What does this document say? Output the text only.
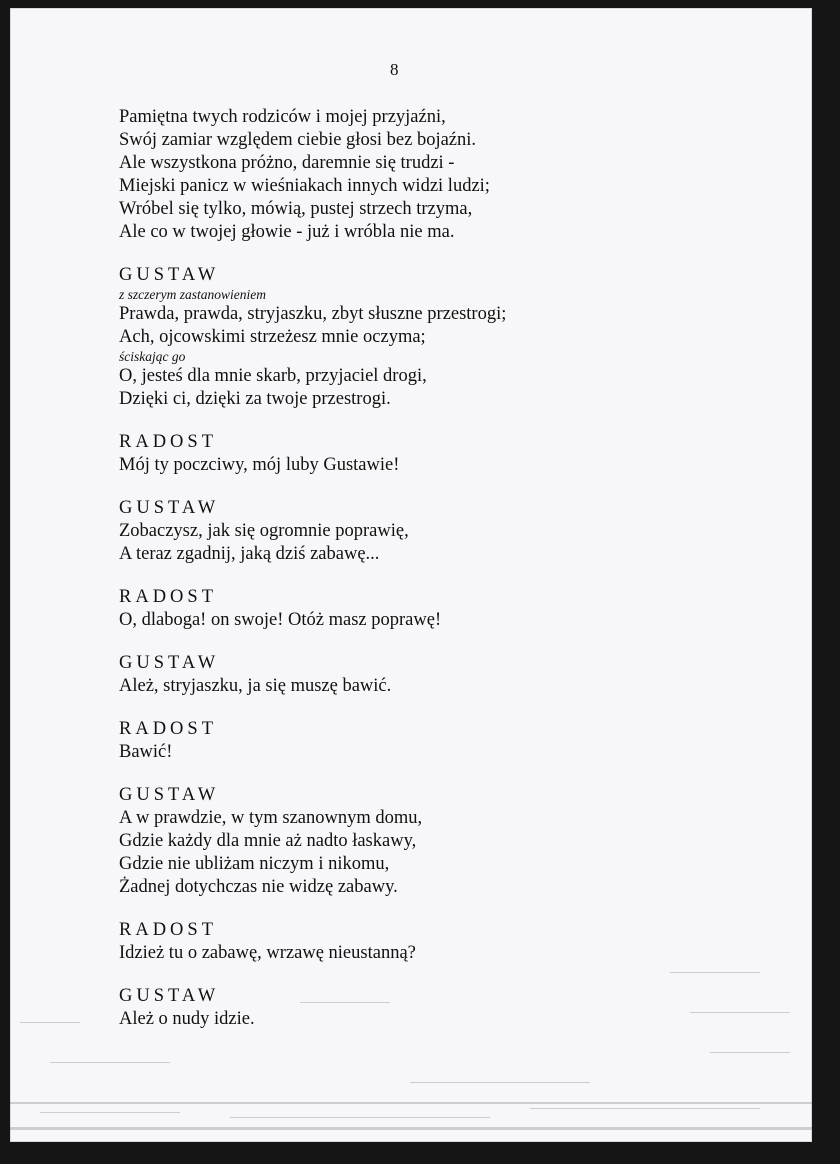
8
Pamiętna twych rodziców i mojej przyjaźni,
Swój zamiar względem ciebie głosi bez bojaźni.
Ale wszystkona próżno, daremnie się trudzi -
Miejski panicz w wieśniakach innych widzi ludzi;
Wróbel się tylko, mówią, pustej strzech trzyma,
Ale co w twojej głowie - już i wróbla nie ma.
GUSTAW
z szczerym zastanowieniem
Prawda, prawda, stryjaszku, zbyt słuszne przestrogi;
Ach, ojcowskimi strzeżesz mnie oczyma;
ściskając go
O, jesteś dla mnie skarb, przyjaciel drogi,
Dzięki ci, dzięki za twoje przestrogi.
RADOST
Mój ty poczciwy, mój luby Gustawie!
GUSTAW
Zobaczysz, jak się ogromnie poprawię,
A teraz zgadnij, jaką dziś zabawę...
RADOST
O, dlaboga! on swoje! Otóż masz poprawę!
GUSTAW
Ależ, stryjaszku, ja się muszę bawić.
RADOST
Bawić!
GUSTAW
A w prawdzie, w tym szanownym domu,
Gdzie każdy dla mnie aż nadto łaskawy,
Gdzie nie ubliżam niczym i nikomu,
Żadnej dotychczas nie widzę zabawy.
RADOST
Idzież tu o zabawę, wrzawę nieustanną?
GUSTAW
Ależ o nudy idzie.
